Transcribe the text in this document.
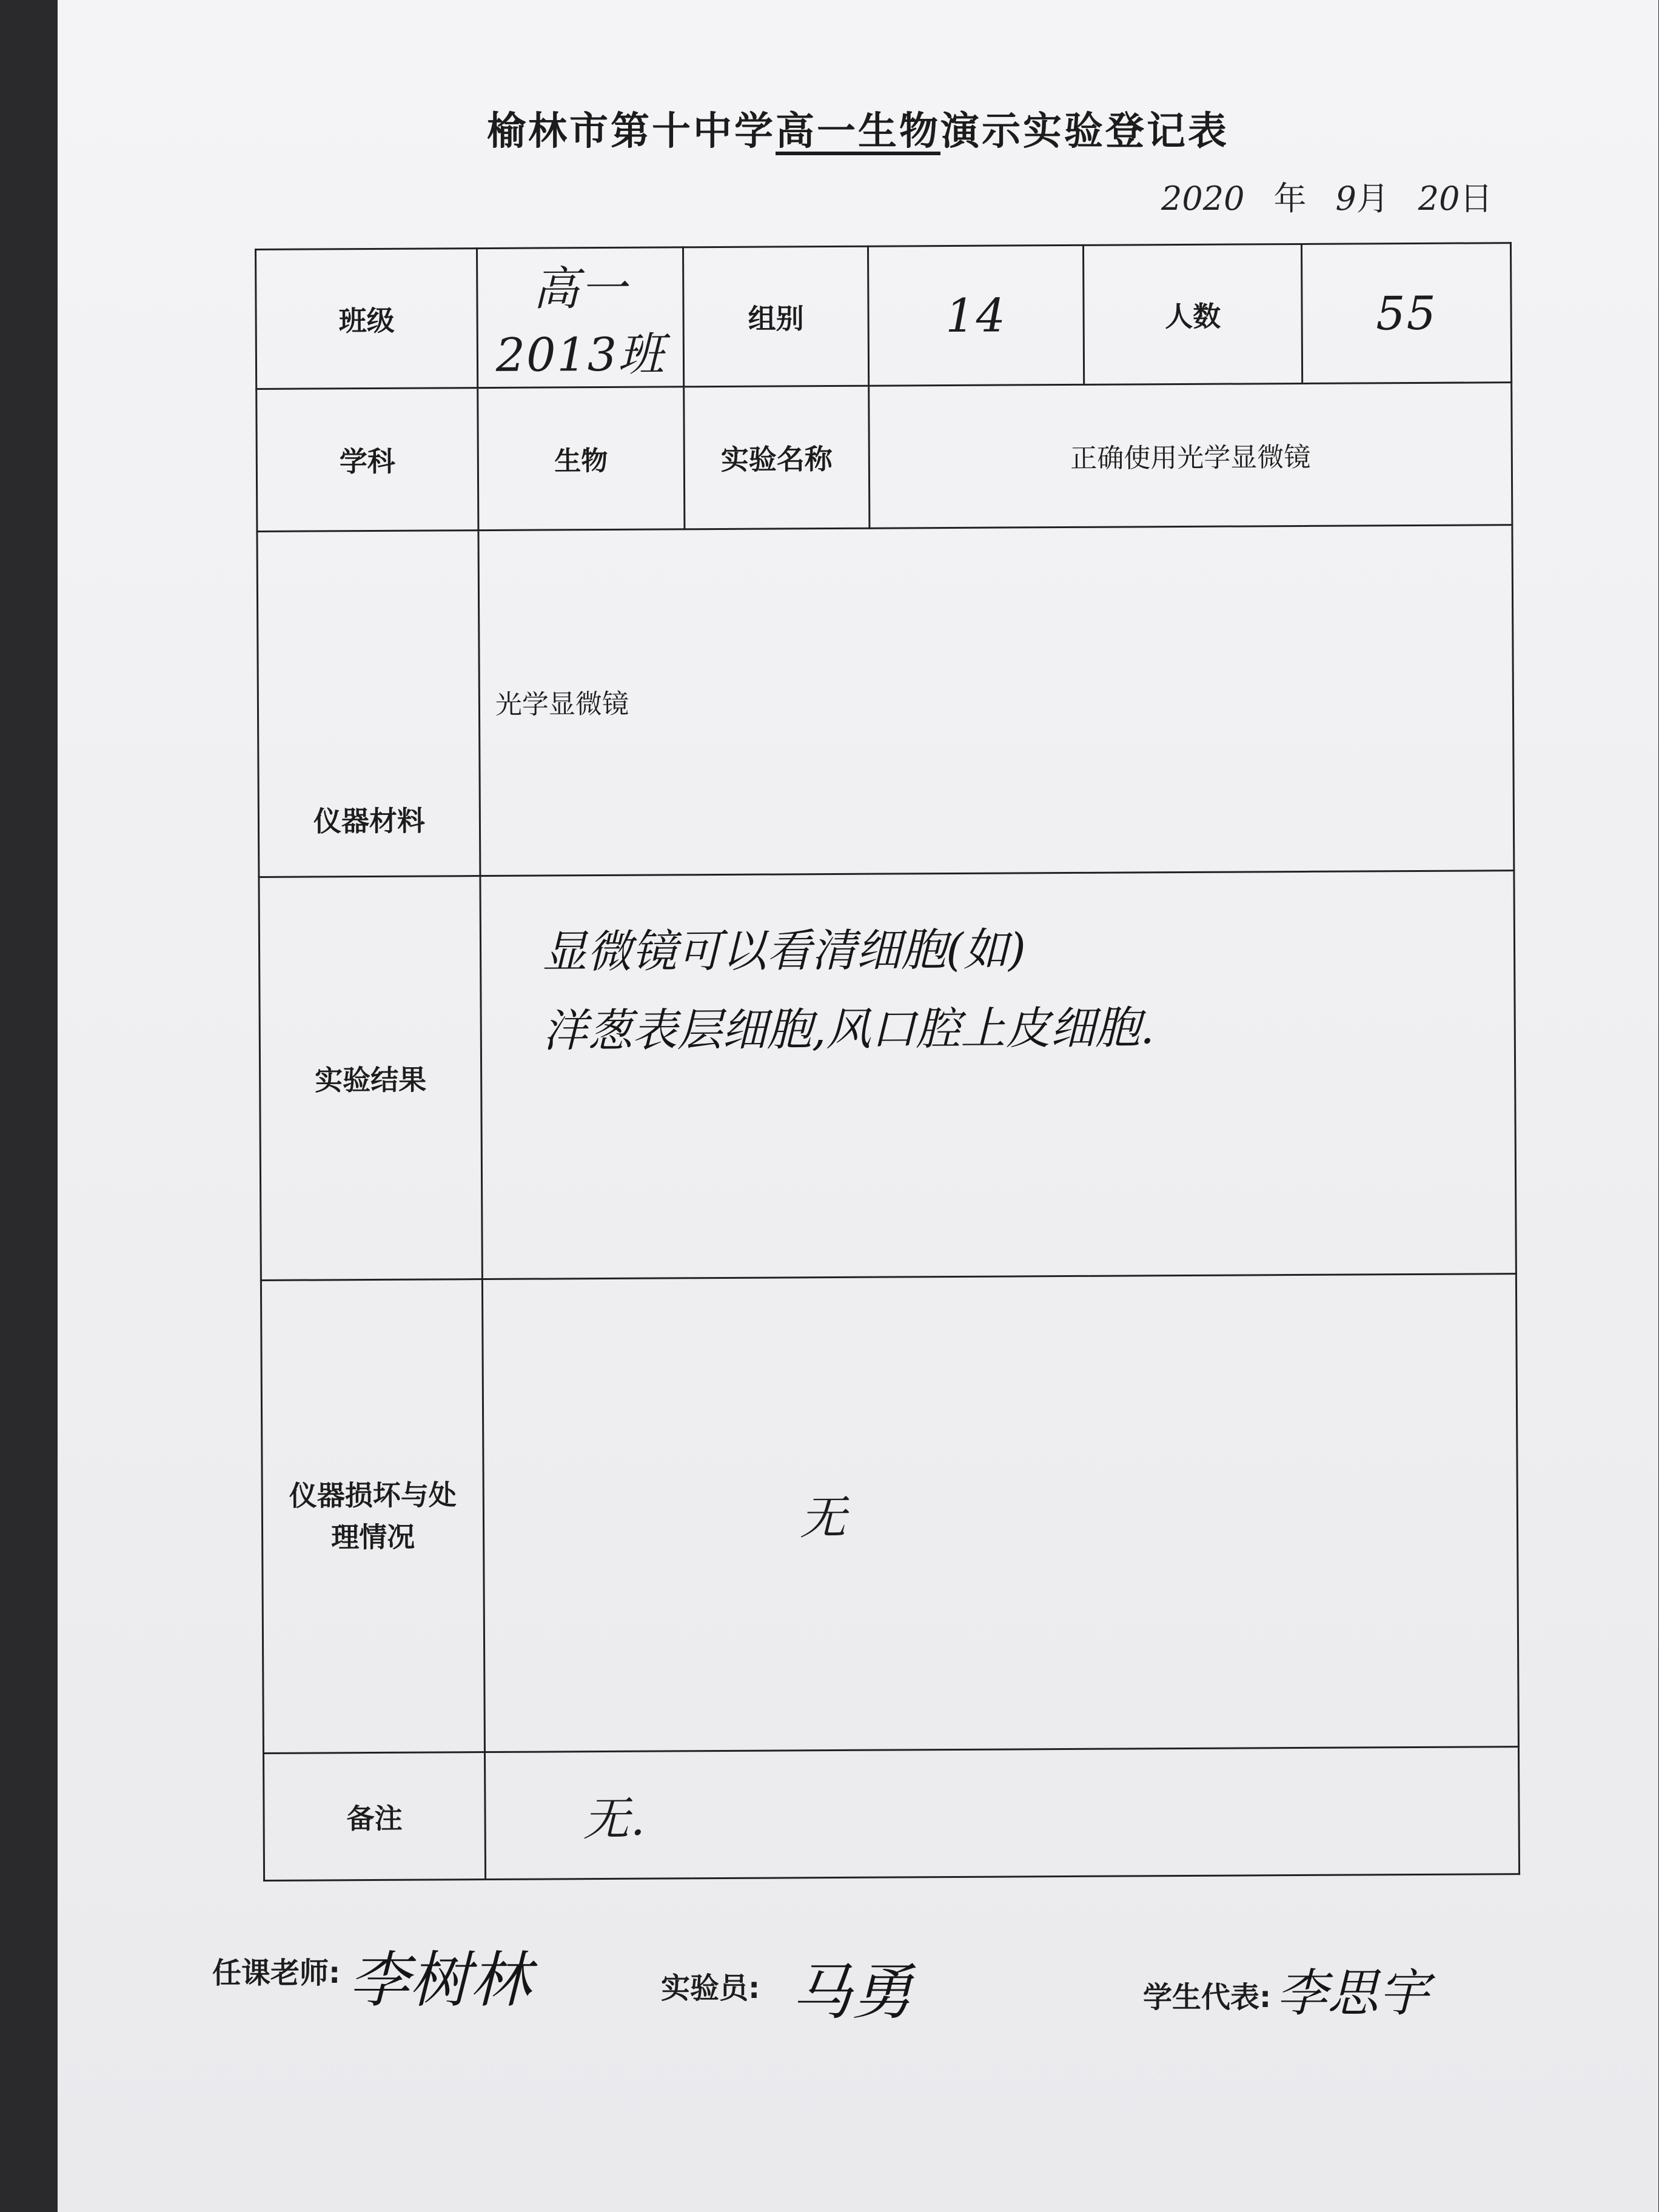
榆林市第十中学高一生物演示实验登记表
2020 年 9月 20日
班级	高一2013班	组别	14	人数	55
学科	生物	实验名称	正确使用光学显微镜		

仪器材料	光学显微镜				

实验结果	显微镜可以看清细胞(如)
洋葱表层细胞,风口腔上皮细胞.				

仪器损坏与处
理情况	无				
备注	无.				
任课老师: 李树林	实验员: 马勇	学生代表: 李思宇
